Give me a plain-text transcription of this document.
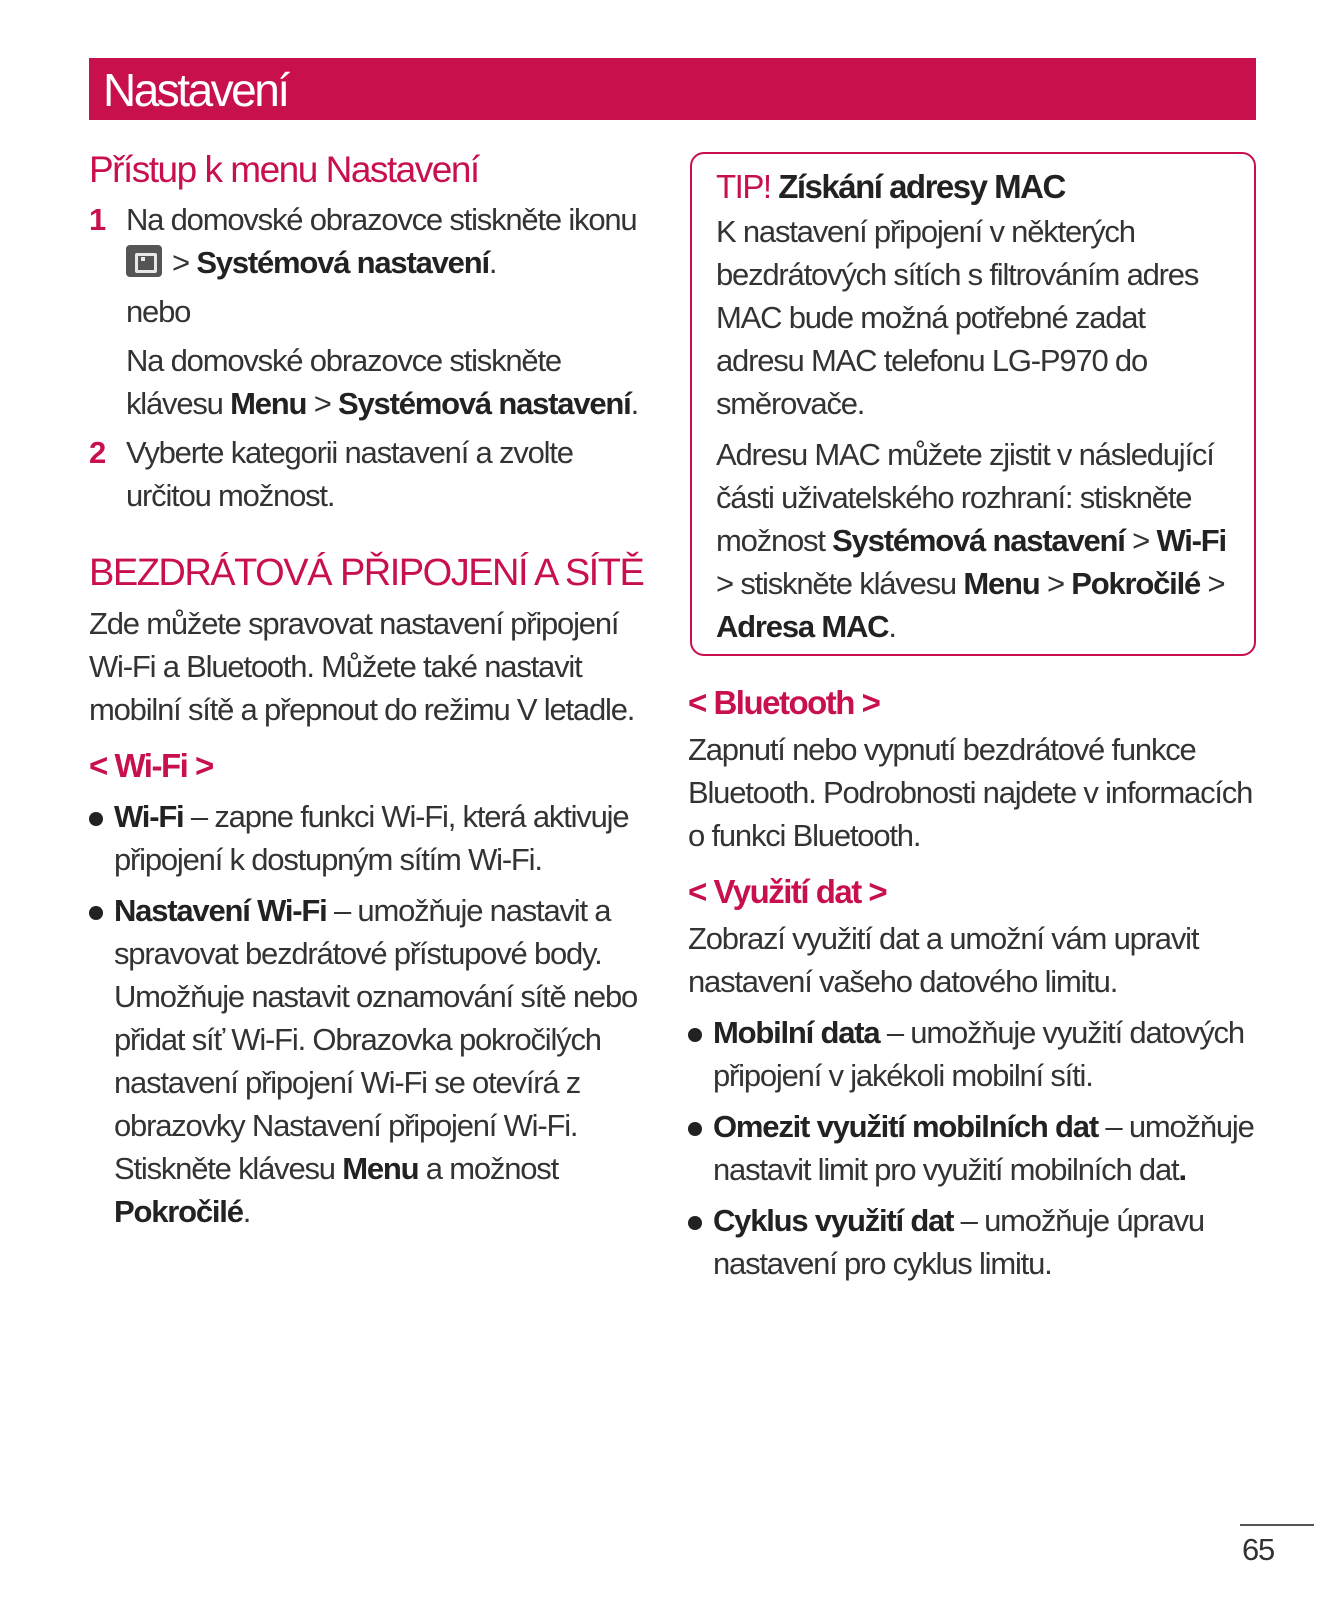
Nastavení
Přístup k menu Nastavení
1 Na domovské obrazovce stiskněte ikonu
> Systémová nastavení.
nebo
Na domovské obrazovce stiskněte klávesu Menu > Systémová nastavení.
2 Vyberte kategorii nastavení a zvolte určitou možnost.
BEZDRÁTOVÁ PŘIPOJENÍ A SÍTĚ
Zde můžete spravovat nastavení připojení Wi-Fi a Bluetooth. Můžete také nastavit mobilní sítě a přepnout do režimu V letadle.
< Wi-Fi >
Wi-Fi – zapne funkci Wi-Fi, která aktivuje připojení k dostupným sítím Wi-Fi.
Nastavení Wi-Fi – umožňuje nastavit a spravovat bezdrátové přístupové body. Umožňuje nastavit oznamování sítě nebo přidat síť Wi-Fi. Obrazovka pokročilých nastavení připojení Wi-Fi se otevírá z obrazovky Nastavení připojení Wi-Fi. Stiskněte klávesu Menu a možnost Pokročilé.
TIP! Získání adresy MAC
K nastavení připojení v některých bezdrátových sítích s filtrováním adres MAC bude možná potřebné zadat adresu MAC telefonu LG-P970 do směrovače.
Adresu MAC můžete zjistit v následující části uživatelského rozhraní: stiskněte možnost Systémová nastavení > Wi-Fi > stiskněte klávesu Menu > Pokročilé > Adresa MAC.
< Bluetooth >
Zapnutí nebo vypnutí bezdrátové funkce Bluetooth. Podrobnosti najdete v informacích o funkci Bluetooth.
< Využití dat >
Zobrazí využití dat a umožní vám upravit nastavení vašeho datového limitu.
Mobilní data – umožňuje využití datových připojení v jakékoli mobilní síti.
Omezit využití mobilních dat – umožňuje nastavit limit pro využití mobilních dat.
Cyklus využití dat – umožňuje úpravu nastavení pro cyklus limitu.
65
